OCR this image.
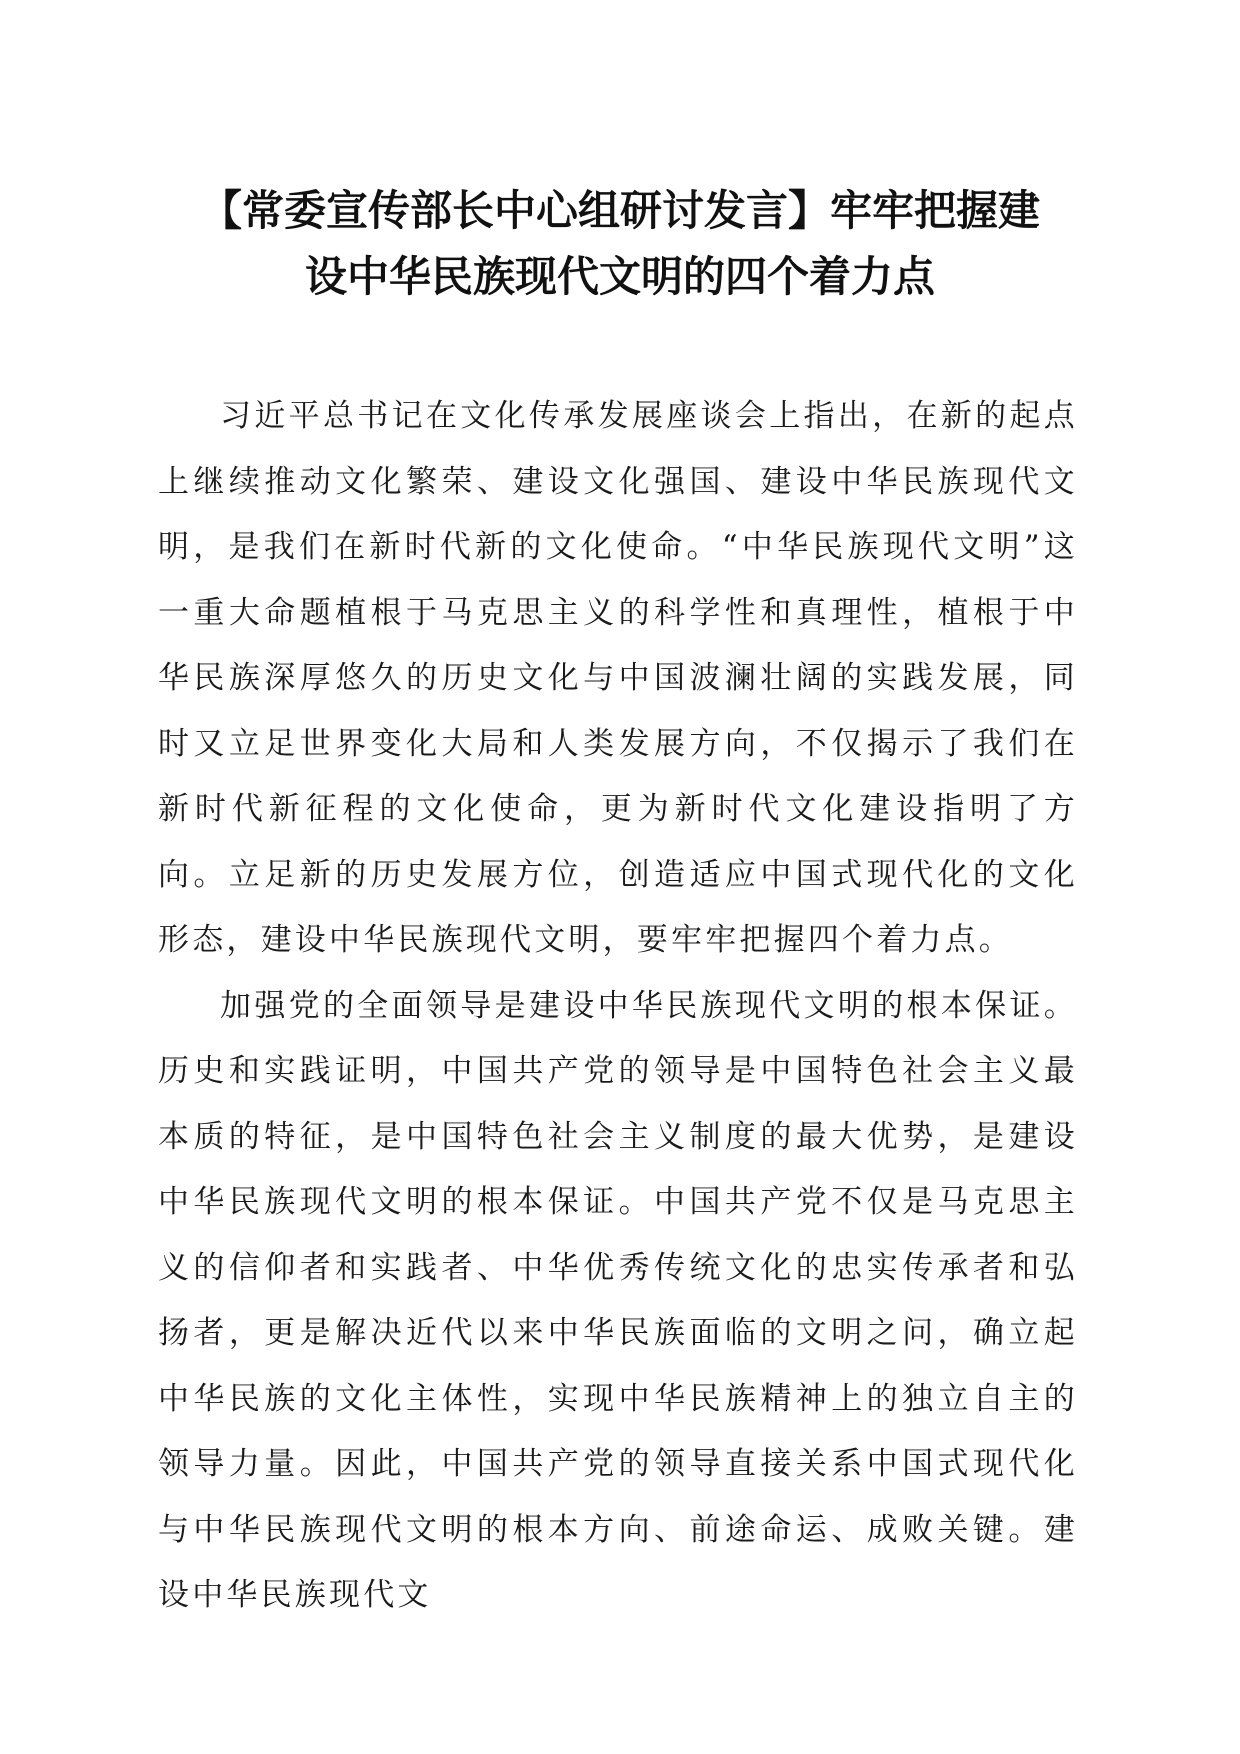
【常委宣传部长中心组研讨发言】牢牢把握建
设中华民族现代文明的四个着力点

习近平总书记在文化传承发展座谈会上指出，在新的起点上继续推动文化繁荣、建设文化强国、建设中华民族现代文明，是我们在新时代新的文化使命。“中华民族现代文明”这一重大命题植根于马克思主义的科学性和真理性，植根于中华民族深厚悠久的历史文化与中国波澜壮阔的实践发展，同时又立足世界变化大局和人类发展方向，不仅揭示了我们在新时代新征程的文化使命，更为新时代文化建设指明了方向。立足新的历史发展方位，创造适应中国式现代化的文化形态，建设中华民族现代文明，要牢牢把握四个着力点。

加强党的全面领导是建设中华民族现代文明的根本保证。历史和实践证明，中国共产党的领导是中国特色社会主义最本质的特征，是中国特色社会主义制度的最大优势，是建设中华民族现代文明的根本保证。中国共产党不仅是马克思主义的信仰者和实践者、中华优秀传统文化的忠实传承者和弘扬者，更是解决近代以来中华民族面临的文明之问，确立起中华民族的文化主体性，实现中华民族精神上的独立自主的领导力量。因此，中国共产党的领导直接关系中国式现代化与中华民族现代文明的根本方向、前途命运、成败关键。建设中华民族现代文
